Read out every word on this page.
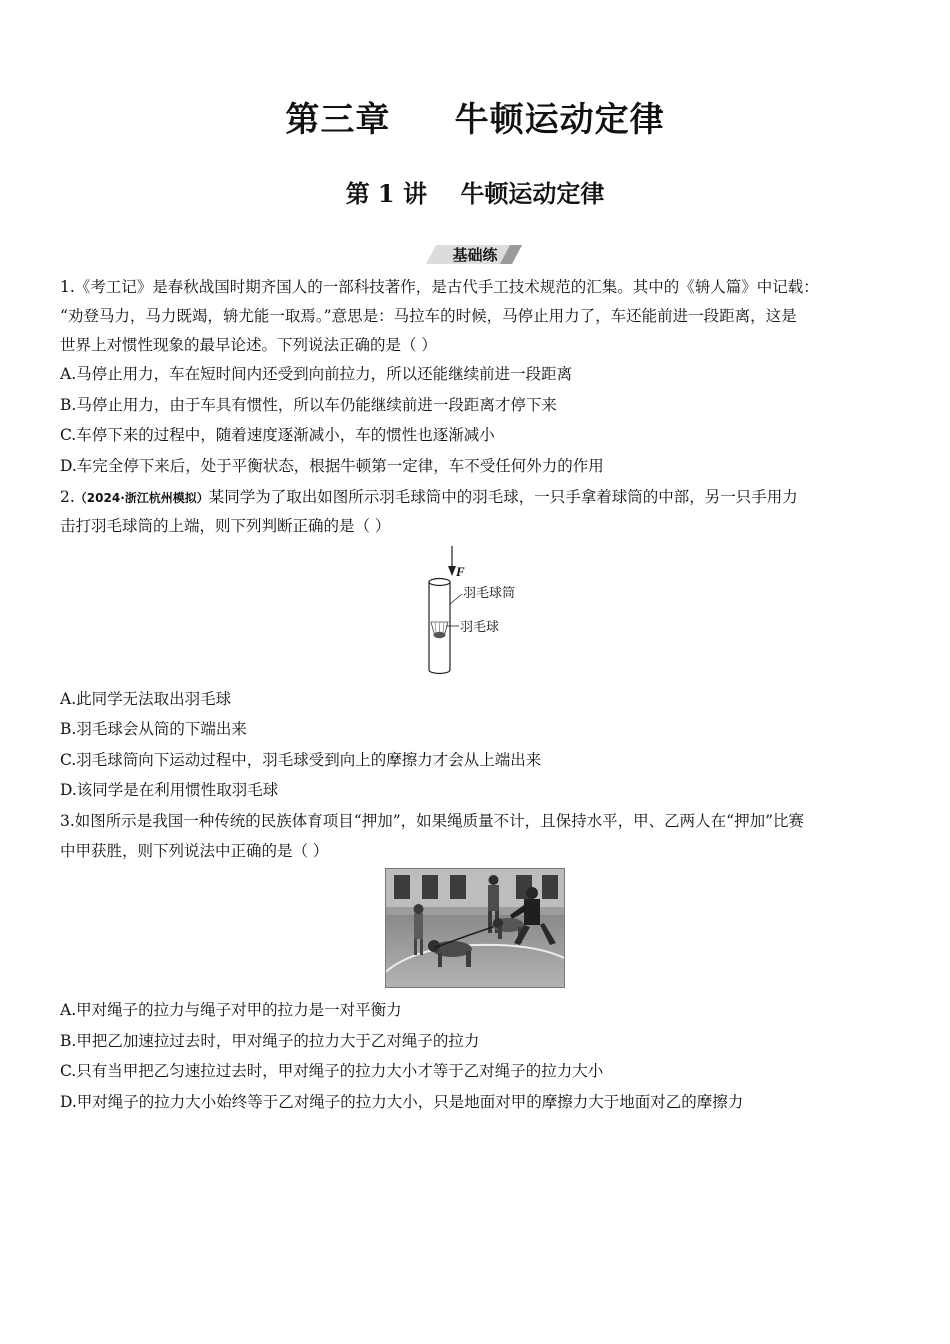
第三章     牛顿运动定律
第 1 讲    牛顿运动定律
基础练
1.《考工记》是春秋战国时期齐国人的一部科技著作，是古代手工技术规范的汇集。其中的《辀人篇》中记载：
“劝登马力，马力既竭，辀尤能一取焉。”意思是：马拉车的时候，马停止用力了，车还能前进一段距离，这是
世界上对惯性现象的最早论述。下列说法正确的是（ ）
A.马停止用力，车在短时间内还受到向前拉力，所以还能继续前进一段距离
B.马停止用力，由于车具有惯性，所以车仍能继续前进一段距离才停下来
C.车停下来的过程中，随着速度逐渐减小，车的惯性也逐渐减小
D.车完全停下来后，处于平衡状态，根据牛顿第一定律，车不受任何外力的作用
2.（2024·浙江杭州模拟）某同学为了取出如图所示羽毛球筒中的羽毛球，一只手拿着球筒的中部，另一只手用力
击打羽毛球筒的上端，则下列判断正确的是（ ）
F
羽毛球筒
羽毛球
A.此同学无法取出羽毛球
B.羽毛球会从筒的下端出来
C.羽毛球筒向下运动过程中，羽毛球受到向上的摩擦力才会从上端出来
D.该同学是在利用惯性取羽毛球
3.如图所示是我国一种传统的民族体育项目“押加”，如果绳质量不计，且保持水平，甲、乙两人在“押加”比赛
中甲获胜，则下列说法中正确的是（ ）
A.甲对绳子的拉力与绳子对甲的拉力是一对平衡力
B.甲把乙加速拉过去时，甲对绳子的拉力大于乙对绳子的拉力
C.只有当甲把乙匀速拉过去时，甲对绳子的拉力大小才等于乙对绳子的拉力大小
D.甲对绳子的拉力大小始终等于乙对绳子的拉力大小，只是地面对甲的摩擦力大于地面对乙的摩擦力
